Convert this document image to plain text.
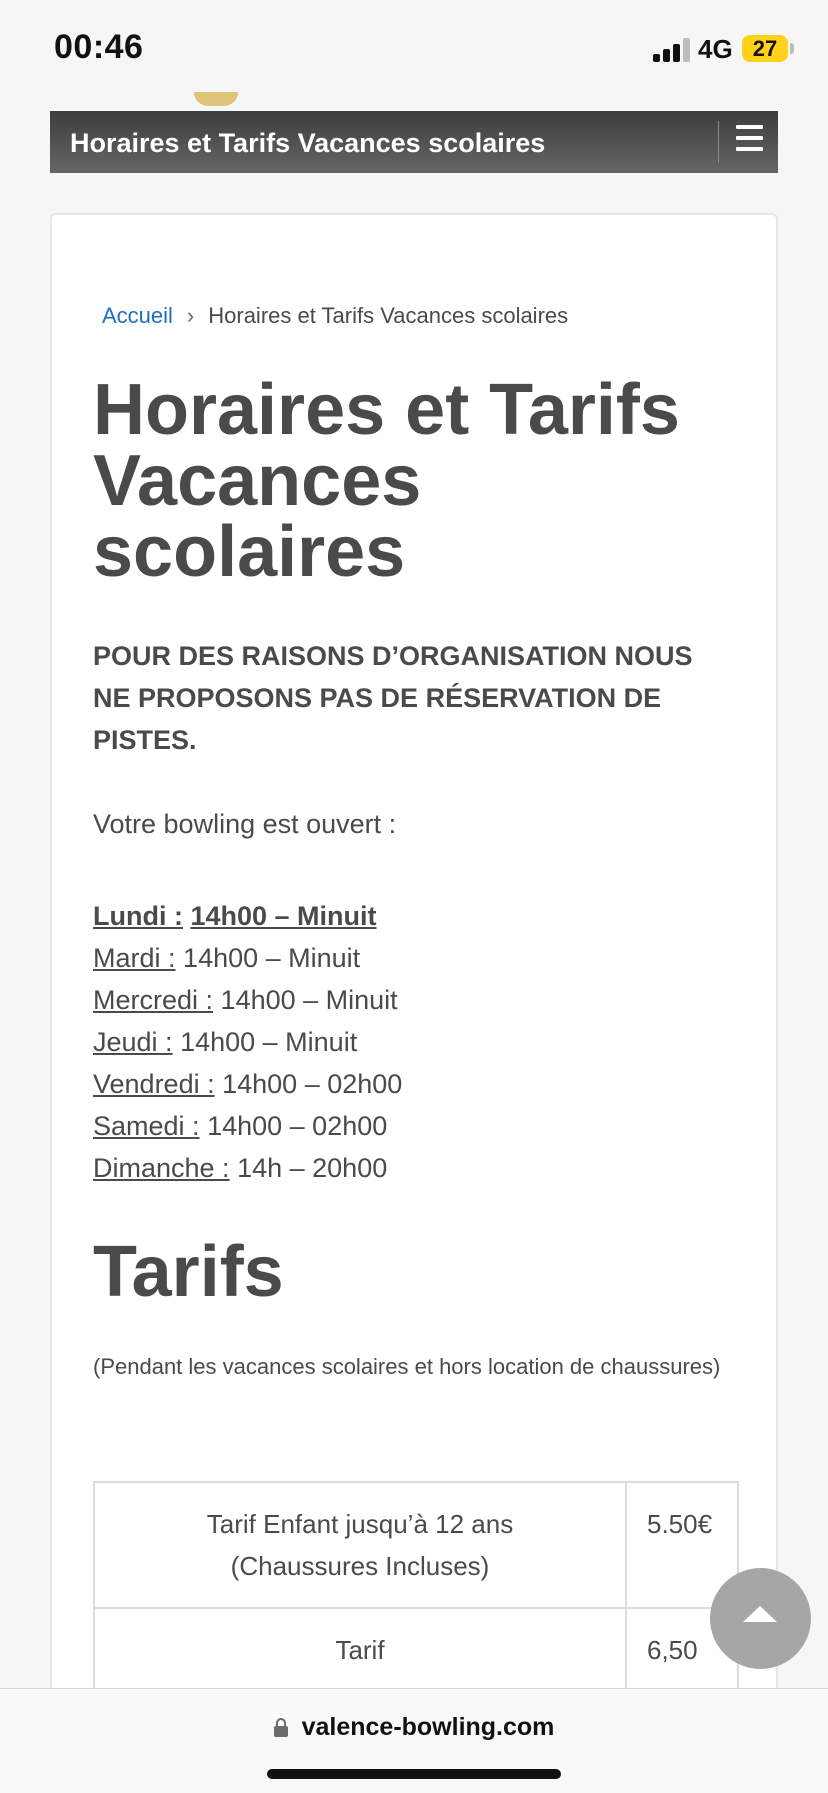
00:46	4G 27
Horaires et Tarifs Vacances scolaires
Accueil › Horaires et Tarifs Vacances scolaires
Horaires et Tarifs Vacances scolaires

POUR DES RAISONS D’ORGANISATION NOUS NE PROPOSONS PAS DE RÉSERVATION DE PISTES.

Votre bowling est ouvert :

Lundi : 14h00 – Minuit
Mardi : 14h00 – Minuit
Mercredi : 14h00 – Minuit
Jeudi : 14h00 – Minuit
Vendredi : 14h00 – 02h00
Samedi : 14h00 – 02h00
Dimanche : 14h – 20h00
Tarifs

(Pendant les vacances scolaires et hors location de chaussures)

Tarif Enfant jusqu’à 12 ans
(Chaussures Incluses)	5.50€

Tarif	6,50
valence-bowling.com
